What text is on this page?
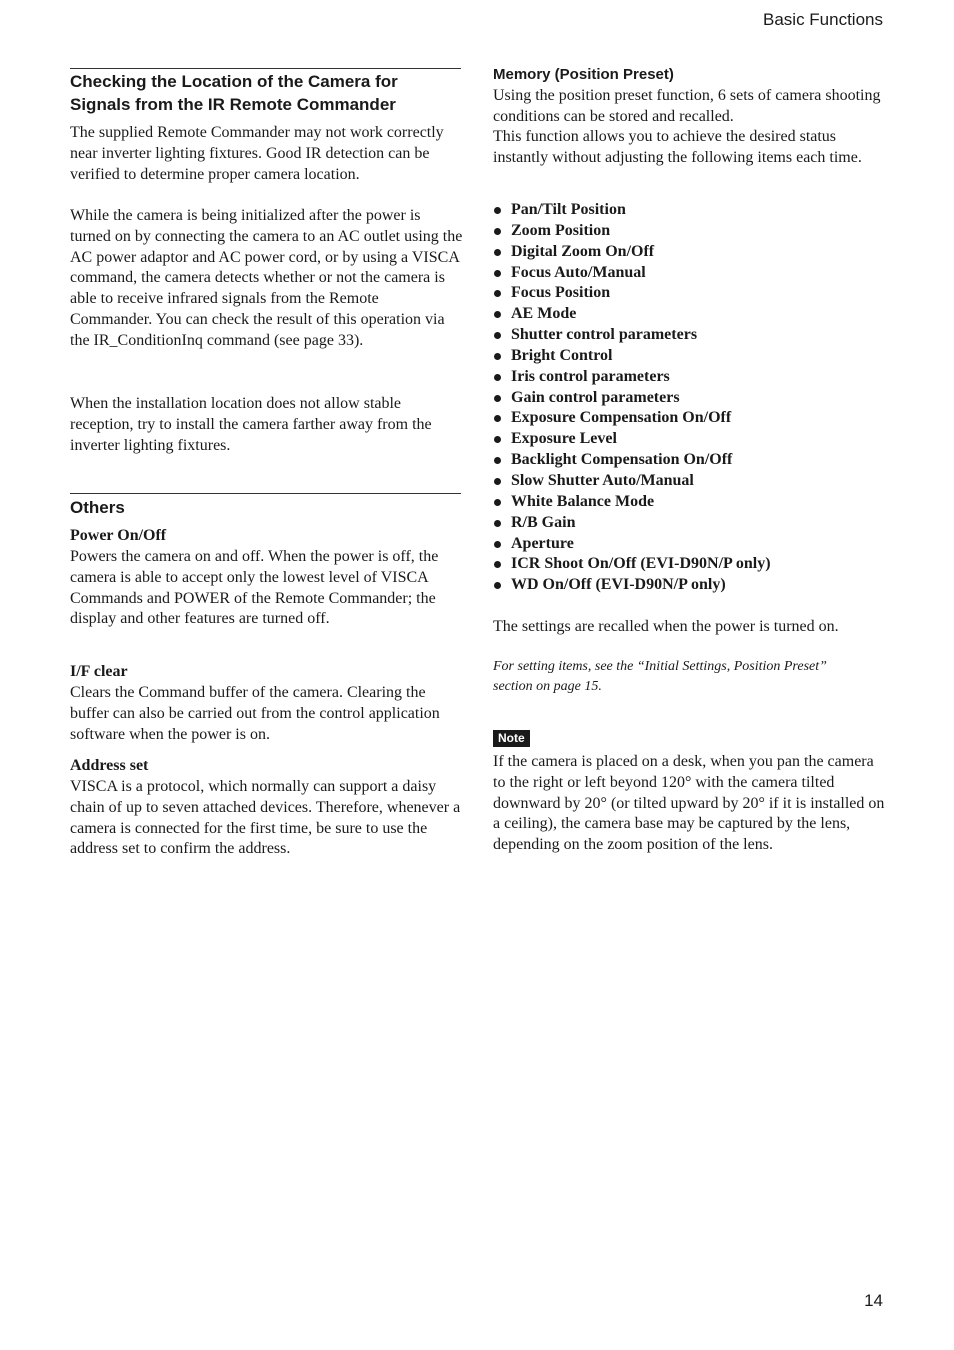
Basic Functions
14
Checking the Location of the Camera for
Signals from the IR Remote Commander

The supplied Remote Commander may not work correctly near inverter lighting fixtures. Good IR detection can be verified to determine proper camera location.

While the camera is being initialized after the power is turned on by connecting the camera to an AC outlet using the AC power adaptor and AC power cord, or by using a VISCA command, the camera detects whether or not the camera is able to receive infrared signals from the Remote Commander. You can check the result of this operation via the IR_ConditionInq command (see page 33).

When the installation location does not allow stable reception, try to install the camera farther away from the inverter lighting fixtures.

Others
Power On/Off

Powers the camera on and off. When the power is off, the camera is able to accept only the lowest level of VISCA Commands and POWER of the Remote Commander; the display and other features are turned off.

I/F clear

Clears the Command buffer of the camera. Clearing the buffer can also be carried out from the control application software when the power is on.

Address set

VISCA is a protocol, which normally can support a daisy chain of up to seven attached devices. Therefore, whenever a camera is connected for the first time, be sure to use the address set to confirm the address.

Memory (Position Preset)

Using the position preset function, 6 sets of camera shooting conditions can be stored and recalled.

This function allows you to achieve the desired status instantly without adjusting the following items each time.

Pan/Tilt Position
Zoom Position
Digital Zoom On/Off
Focus Auto/Manual
Focus Position
AE Mode
Shutter control parameters
Bright Control
Iris control parameters
Gain control parameters
Exposure Compensation On/Off
Exposure Level
Backlight Compensation On/Off
Slow Shutter Auto/Manual
White Balance Mode
R/B Gain
Aperture
ICR Shoot On/Off (EVI-D90N/P only)
WD On/Off (EVI-D90N/P only)

The settings are recalled when the power is turned on.

For setting items, see the “Initial Settings, Position Preset”
section on page 15.
Note

If the camera is placed on a desk, when you pan the camera to the right or left beyond 120° with the camera tilted downward by 20° (or tilted upward by 20° if it is installed on a ceiling), the camera base may be captured by the lens, depending on the zoom position of the lens.
